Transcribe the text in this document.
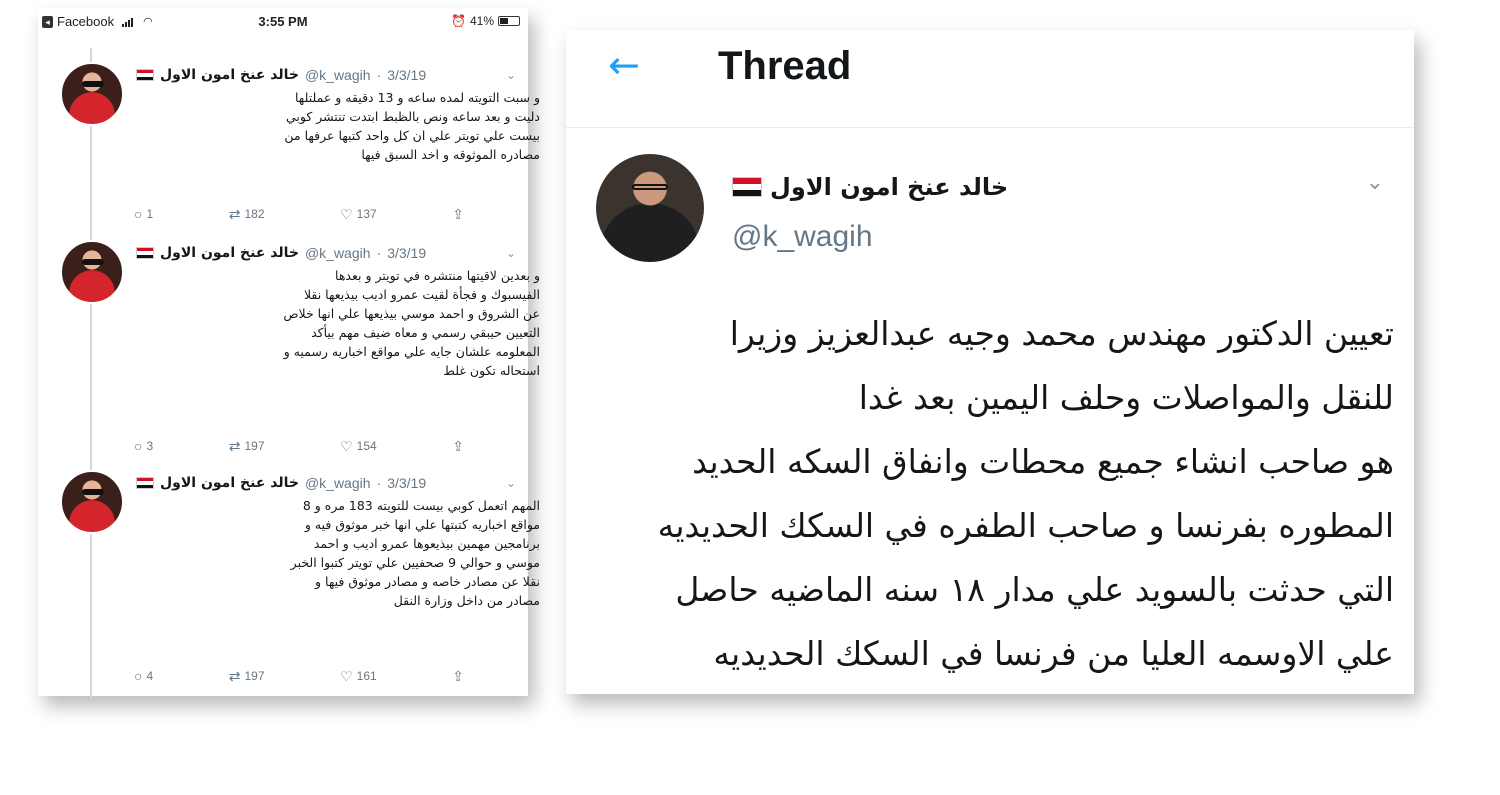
◂ Facebook	◠	3:55 PM	⏰ 41%
خالد عنخ امون الاول @k_wagih · 3/3/19	⌄
و سبت التويته لمده ساعه و 13 دقيقه و عملتلها
دليت و بعد ساعه ونص بالظبط ابتدت تنتشر كوبي
بيست علي تويتر علي ان كل واحد كتبها عرفها من
مصادره الموثوقه و اخد السبق فيها
○ 1	⇄ 182	♡ 137	⇪
خالد عنخ امون الاول @k_wagih · 3/3/19	⌄
و بعدين لاقيتها منتشره في تويتر و بعدها
الفيسبوك و فجأة لقيت عمرو اديب بيذيعها نقلا
عن الشروق و احمد موسي بيذيعها علي انها خلاص
التعيين حيبقي رسمي و معاه ضيف مهم بيأكد
المعلومه علشان جايه علي مواقع اخباريه رسميه و
استحاله تكون غلط
○ 3	⇄ 197	♡ 154	⇪
خالد عنخ امون الاول @k_wagih · 3/3/19	⌄
المهم اتعمل كوبي بيست للتويته 183 مره و 8
مواقع اخباريه كتبتها علي انها خبر موثوق فيه و
برنامجين مهمين بيذيعوها عمرو اديب و احمد
موسي و حوالي 9 صحفيين علي تويتر كتبوا الخبر
نقلا عن مصادر خاصه و مصادر موثوق فيها و
مصادر من داخل وزارة النقل
○ 4	⇄ 197	♡ 161	⇪
← Thread
خالد عنخ امون الاول
@k_wagih
⌄
تعيين الدكتور مهندس محمد وجيه عبدالعزيز وزيرا
للنقل والمواصلات وحلف اليمين بعد غدا
هو صاحب انشاء جميع محطات وانفاق السكه الحديد
المطوره بفرنسا و صاحب الطفره في السكك الحديديه
التي حدثت بالسويد علي مدار ١٨ سنه الماضيه حاصل
علي الاوسمه العليا من فرنسا في السكك الحديديه
